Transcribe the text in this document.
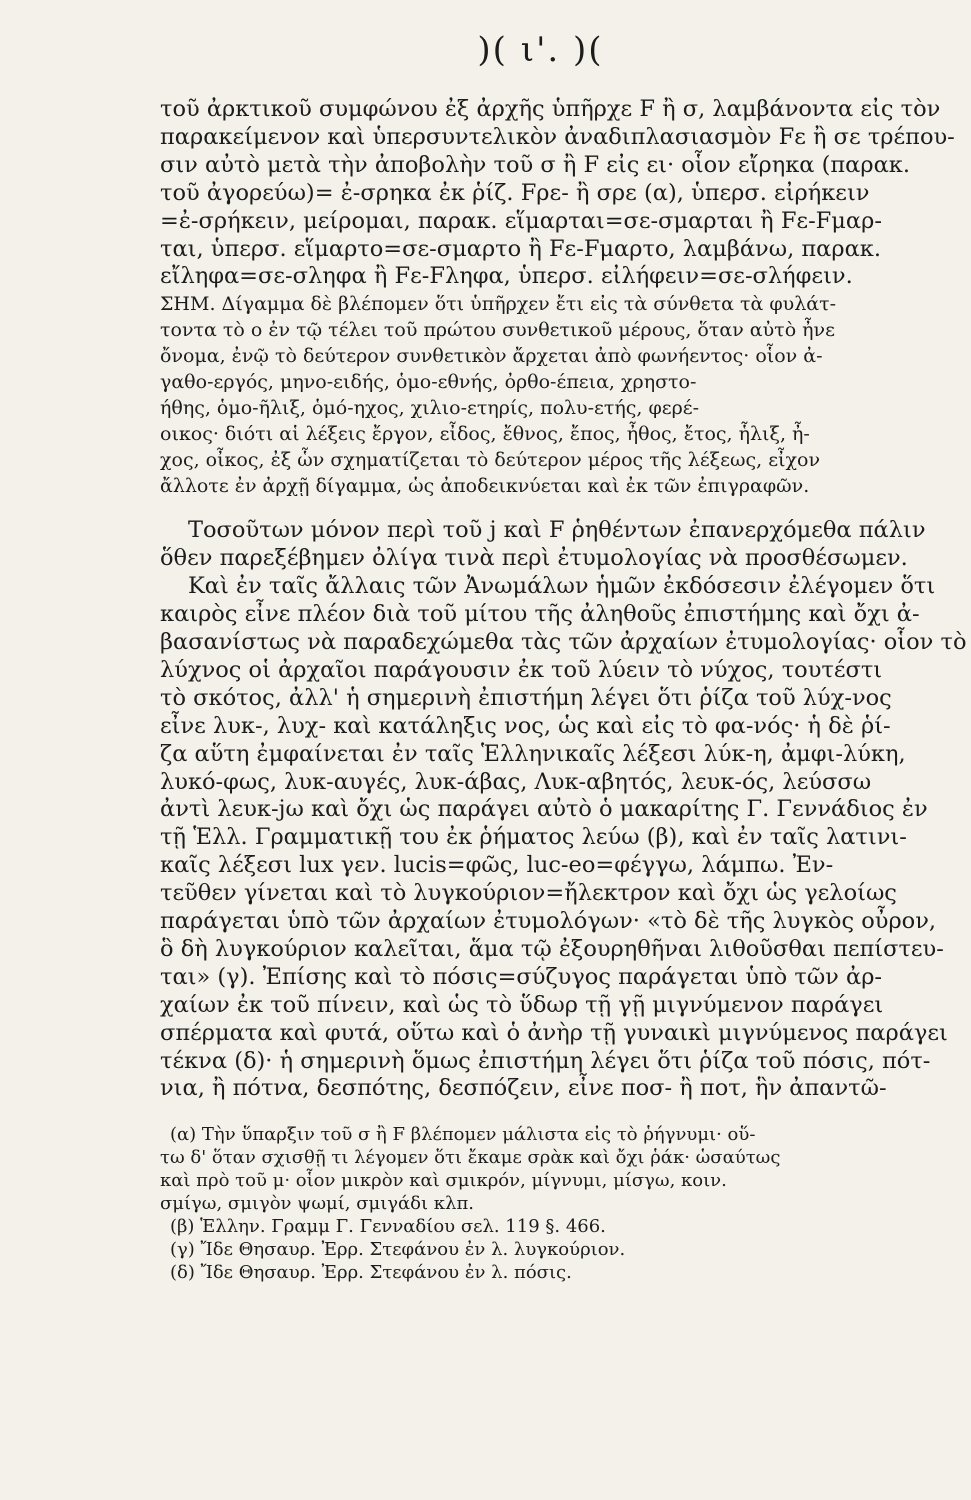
)( ι'. )(
τοῦ ἀρκτικοῦ συμφώνου ἐξ ἀρχῆς ὑπῆρχε F ἢ σ, λαμβάνοντα εἰς τὸν
παρακείμενον καὶ ὑπερσυντελικὸν ἀναδιπλασιασμὸν Fε ἢ σε τρέπου-
σιν αὐτὸ μετὰ τὴν ἀποβολὴν τοῦ σ ἢ F εἰς ει· οἷον εἴρηκα (παρακ.
τοῦ ἀγορεύω)= ἐ-σρηκα ἐκ ῥίζ. Fρε- ἢ σρε (α), ὑπερσ. εἰρήκειν
=ἐ-σρήκειν, μείρομαι, παρακ. εἵμαρται=σε-σμαρται ἢ Fε-Fμαρ-
ται, ὑπερσ. εἵμαρτο=σε-σμαρτο ἢ Fε-Fμαρτο, λαμβάνω, παρακ.
εἴληφα=σε-σληφα ἢ Fε-Fληφα, ὑπερσ. εἰλήφειν=σε-σλήφειν.
ΣΗΜ. Δίγαμμα δὲ βλέπομεν ὅτι ὑπῆρχεν ἔτι εἰς τὰ σύνθετα τὰ φυλάτ-
τοντα τὸ ο ἐν τῷ τέλει τοῦ πρώτου συνθετικοῦ μέρους, ὅταν αὐτὸ ἦνε
ὄνομα, ἐνῷ τὸ δεύτερον συνθετικὸν ἄρχεται ἀπὸ φωνήεντος· οἷον ἀ-
γαθο-εργός, μηνο-ειδής, ὁμο-εθνής, ὀρθο-έπεια, χρηστο-
ήθης, ὁμο-ῆλιξ, ὁμό-ηχος, χιλιο-ετηρίς, πολυ-ετής, φερέ-
οικος· διότι αἱ λέξεις ἔργον, εἶδος, ἔθνος, ἔπος, ἦθος, ἔτος, ἧλιξ, ἦ-
χος, οἶκος, ἐξ ὧν σχηματίζεται τὸ δεύτερον μέρος τῆς λέξεως, εἶχον
ἄλλοτε ἐν ἀρχῇ δίγαμμα, ὡς ἀποδεικνύεται καὶ ἐκ τῶν ἐπιγραφῶν.
Τοσοῦτων μόνον περὶ τοῦ j καὶ F ῥηθέντων ἐπανερχόμεθα πάλιν
ὅθεν παρεξέβημεν ὀλίγα τινὰ περὶ ἐτυμολογίας νὰ προσθέσωμεν.
Καὶ ἐν ταῖς ἄλλαις τῶν Ἀνωμάλων ἡμῶν ἐκδόσεσιν ἐλέγομεν ὅτι
καιρὸς εἶνε πλέον διὰ τοῦ μίτου τῆς ἀληθοῦς ἐπιστήμης καὶ ὄχι ἀ-
βασανίστως νὰ παραδεχώμεθα τὰς τῶν ἀρχαίων ἐτυμολογίας· οἷον τὸ
λύχνος οἱ ἀρχαῖοι παράγουσιν ἐκ τοῦ λύειν τὸ νύχος, τουτέστι
τὸ σκότος, ἀλλ' ἡ σημερινὴ ἐπιστήμη λέγει ὅτι ῥίζα τοῦ λύχ-νος
εἶνε λυκ-, λυχ- καὶ κατάληξις νος, ὡς καὶ εἰς τὸ φα-νός· ἡ δὲ ῥί-
ζα αὕτη ἐμφαίνεται ἐν ταῖς Ἑλληνικαῖς λέξεσι λύκ-η, ἀμφι-λύκη,
λυκό-φως, λυκ-αυγές, λυκ-άβας, Λυκ-αβητός, λευκ-ός, λεύσσω
ἀντὶ λευκ-jω καὶ ὄχι ὡς παράγει αὐτὸ ὁ μακαρίτης Γ. Γεννάδιος ἐν
τῇ Ἑλλ. Γραμματικῇ του ἐκ ῥήματος λεύω (β), καὶ ἐν ταῖς λατινι-
καῖς λέξεσι lux γεν. lucis=φῶς, luc-eo=φέγγω, λάμπω. Ἐν-
τεῦθεν γίνεται καὶ τὸ λυγκούριον=ἤλεκτρον καὶ ὄχι ὡς γελοίως
παράγεται ὑπὸ τῶν ἀρχαίων ἐτυμολόγων· «τὸ δὲ τῆς λυγκὸς οὖρον,
ὃ δὴ λυγκούριον καλεῖται, ἅμα τῷ ἐξουρηθῆναι λιθοῦσθαι πεπίστευ-
ται» (γ). Ἐπίσης καὶ τὸ πόσις=σύζυγος παράγεται ὑπὸ τῶν ἀρ-
χαίων ἐκ τοῦ πίνειν, καὶ ὡς τὸ ὕδωρ τῇ γῇ μιγνύμενον παράγει
σπέρματα καὶ φυτά, οὕτω καὶ ὁ ἀνὴρ τῇ γυναικὶ μιγνύμενος παράγει
τέκνα (δ)· ἡ σημερινὴ ὅμως ἐπιστήμη λέγει ὅτι ῥίζα τοῦ πόσις, πότ-
νια, ἢ πότνα, δεσπότης, δεσπόζειν, εἶνε ποσ- ἢ ποτ, ἣν ἀπαντῶ-
(α) Τὴν ὕπαρξιν τοῦ σ ἢ F βλέπομεν μάλιστα εἰς τὸ ῥήγνυμι· οὕ-
τω δ' ὅταν σχισθῇ τι λέγομεν ὅτι ἔκαμε σρὰκ καὶ ὄχι ῥάκ· ὡσαύτως
καὶ πρὸ τοῦ μ· οἷον μικρὸν καὶ σμικρόν, μίγνυμι, μίσγω, κοιν.
σμίγω, σμιγὸν ψωμί, σμιγάδι κλπ.
(β) Ἑλλην. Γραμμ Γ. Γενναδίου σελ. 119 §. 466.
(γ) Ἴδε Θησαυρ. Ἐρρ. Στεφάνου ἐν λ. λυγκούριον.
(δ) Ἴδε Θησαυρ. Ἐρρ. Στεφάνου ἐν λ. πόσις.
